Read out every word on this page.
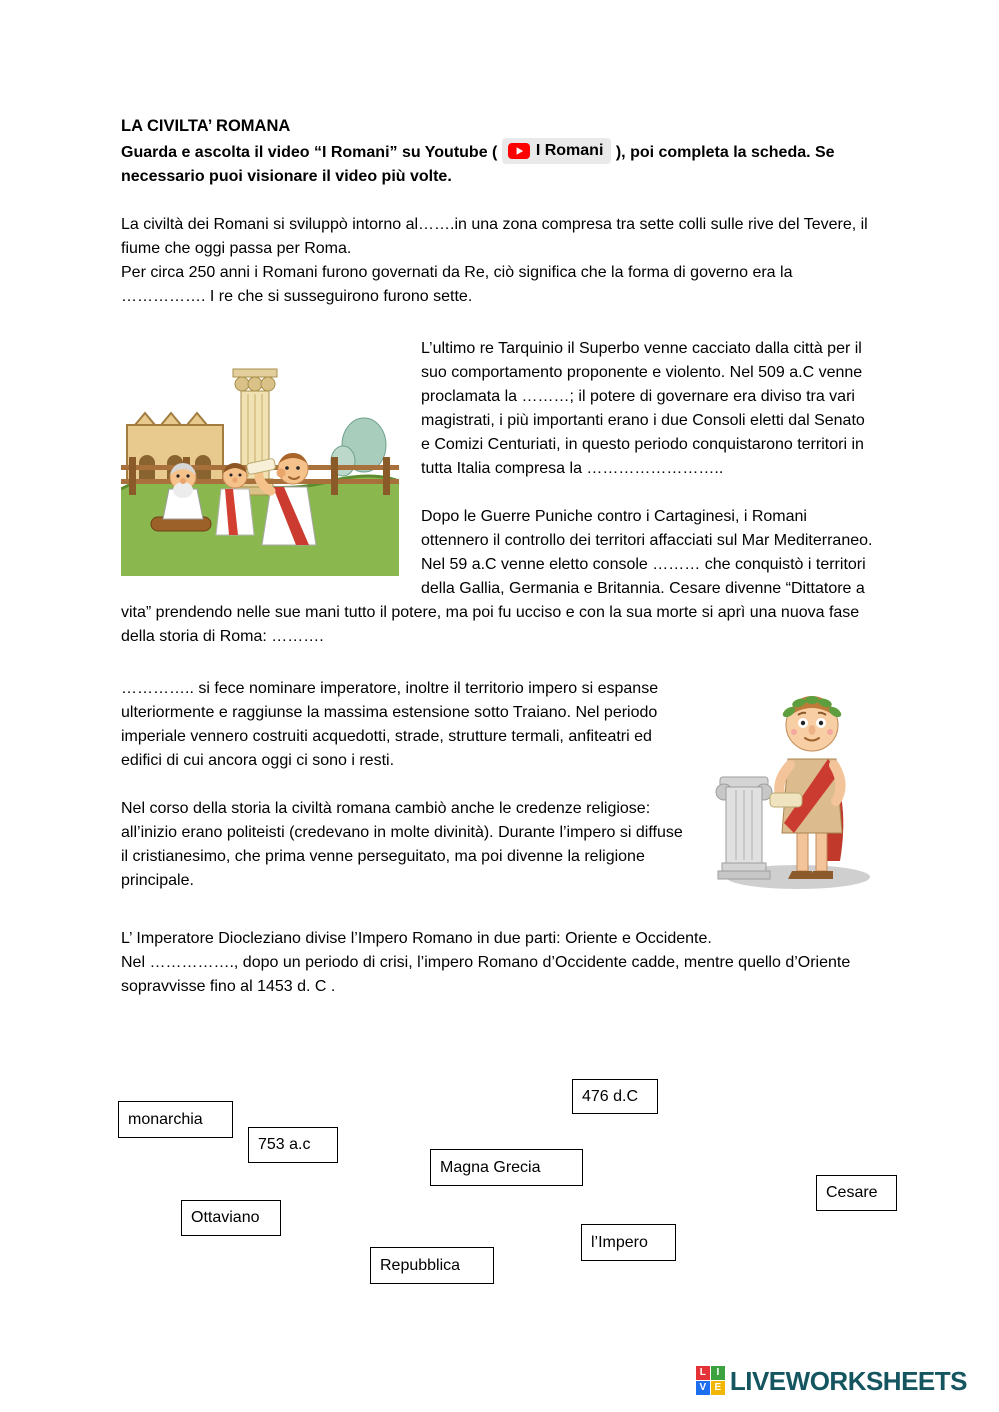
LA CIVILTA’ ROMANA

Guarda e ascolta il video “I Romani” su Youtube ( I Romani ), poi completa la scheda. Se necessario puoi visionare il video più volte.

La civiltà dei Romani si sviluppò intorno al…….in una zona compresa tra sette colli sulle rive del Tevere, il fiume che oggi passa per Roma.

Per circa 250 anni i Romani furono governati da Re, ciò significa che la forma di governo era la ……………. I re che si susseguirono furono sette.

L’ultimo re Tarquinio il Superbo venne cacciato dalla città per il suo comportamento proponente e violento. Nel 509 a.C venne proclamata la ………; il potere di governare era diviso tra vari magistrati, i più importanti erano i due Consoli eletti dal Senato e Comizi Centuriati, in questo periodo conquistarono territori in tutta Italia compresa la ……………………..

Dopo le Guerre Puniche contro i Cartaginesi, i Romani ottennero il controllo dei territori affacciati sul Mar Mediterraneo. Nel 59 a.C venne eletto console ……… che conquistò i territori della Gallia, Germania e Britannia. Cesare divenne “Dittatore a vita” prendendo nelle sue mani tutto il potere, ma poi fu ucciso e con la sua morte si aprì una nuova fase della storia di Roma: ……….

………….. si fece nominare imperatore, inoltre il territorio impero si espanse ulteriormente e raggiunse la massima estensione sotto Traiano. Nel periodo imperiale vennero costruiti acquedotti, strade, strutture termali, anfiteatri ed edifici di cui ancora oggi ci sono i resti.

Nel corso della storia la civiltà romana cambiò anche le credenze religiose: all’inizio erano politeisti (credevano in molte divinità). Durante l’impero si diffuse il cristianesimo, che prima venne perseguitato, ma poi divenne la religione principale.

L’ Imperatore Diocleziano divise l’Impero Romano in due parti: Oriente e Occidente.

Nel ……………., dopo un periodo di crisi, l’impero Romano d’Occidente cadde, mentre quello d’Oriente sopravvisse fino al 1453 d. C .

monarchia
753 a.c
476 d.C
Magna Grecia
Ottaviano
Cesare
l’Impero
Repubblica
L	I
V E LIVEWORKSHEETS
